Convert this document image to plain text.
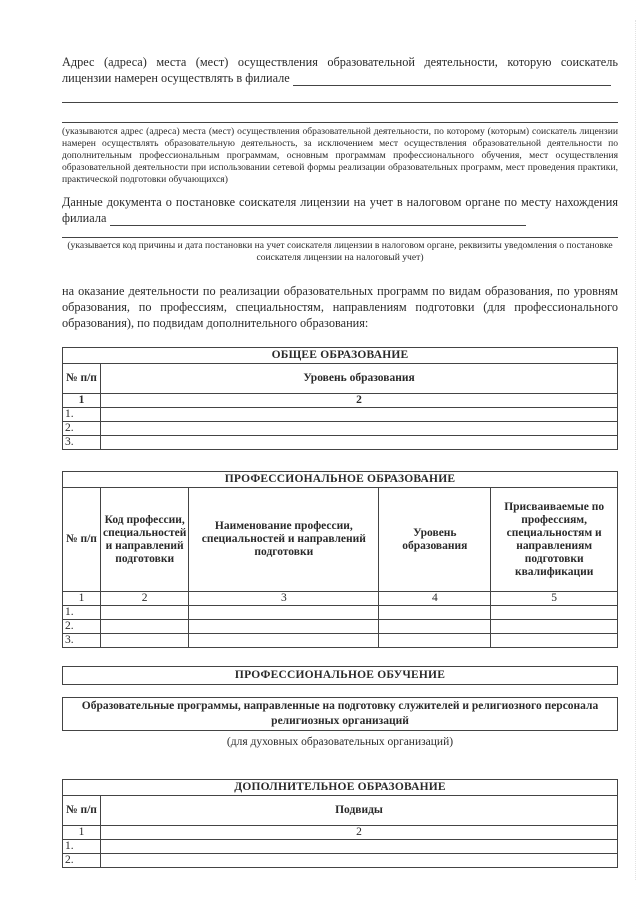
Адрес (адреса) места (мест) осуществления образовательной деятельности, которую соискатель лицензии намерен осуществлять в филиале
(указываются адрес (адреса) места (мест) осуществления образовательной деятельности, по которому (которым) соискатель лицензии намерен осуществлять образовательную деятельность, за исключением мест осуществления образовательной деятельности по дополнительным профессиональным программам, основным программам профессионального обучения, мест осуществления образовательной деятельности при использовании сетевой формы реализации образовательных программ, мест проведения практики, практической подготовки обучающихся)
Данные документа о постановке соискателя лицензии на учет в налоговом органе по месту нахождения филиала
(указывается код причины и дата постановки на учет соискателя лицензии в налоговом органе, реквизиты уведомления о постановке соискателя лицензии на налоговый учет)
на оказание деятельности по реализации образовательных программ по видам образования, по уровням образования, по профессиям, специальностям, направлениям подготовки (для профессионального образования), по подвидам дополнительного образования:
ОБЩЕЕ ОБРАЗОВАНИЕ	
№ п/п	Уровень образования
1	2
1.	
2.	
3.	
ПРОФЕССИОНАЛЬНОЕ ОБРАЗОВАНИЕ				
№ п/п	Код профессии, специальностей и направлений подготовки	Наименование профессии, специальностей и направлений подготовки	Уровень образования	Присваиваемые по профессиям, специальностям и направлениям подготовки квалификации
1	2	3	4	5
1.				
2.				
3.				
ПРОФЕССИОНАЛЬНОЕ ОБУЧЕНИЕ
Образовательные программы, направленные на подготовку служителей и религиозного персонала религиозных организаций
(для духовных образовательных организаций)
ДОПОЛНИТЕЛЬНОЕ ОБРАЗОВАНИЕ	
№ п/п	Подвиды
1	2
1.	
2.	
